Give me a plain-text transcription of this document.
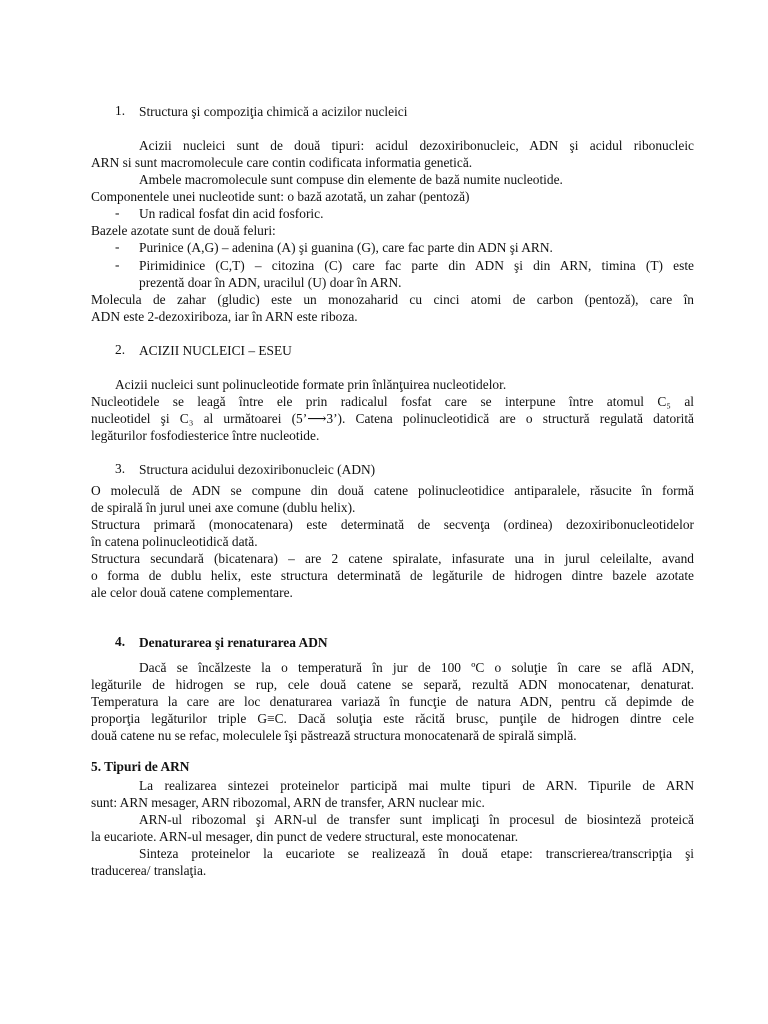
1. Structura şi compoziţia chimică a acizilor nucleici
Acizii nucleici sunt de două tipuri: acidul dezoxiribonucleic, ADN şi acidul ribonucleic
ARN si sunt macromolecule care contin codificata informatia genetică.
Ambele macromolecule sunt compuse din elemente de bază numite nucleotide.
Componentele unei nucleotide sunt: o bază azotată, un zahar (pentoză)
- Un radical fosfat din acid fosforic.
Bazele azotate sunt de două feluri:
- Purinice (A,G) – adenina (A) şi guanina (G), care fac parte din ADN şi ARN.
- Pirimidinice (C,T) – citozina (C) care fac parte din ADN şi din ARN, timina (T) este
prezentă doar în ADN, uracilul (U) doar în ARN.
Molecula de zahar (gludic) este un monozaharid cu cinci atomi de carbon (pentoză), care în
ADN este 2-dezoxiriboza, iar în ARN este riboza.
2. ACIZII NUCLEICI – ESEU
Acizii nucleici sunt polinucleotide formate prin înlănţuirea nucleotidelor.
Nucleotidele se leagă între ele prin radicalul fosfat care se interpune între atomul C₅ al
nucleotidel şi C₃ al următoarei (5’⟶3’). Catena polinucleotidică are o structură regulată datorită
legăturilor fosfodiesterice între nucleotide.
3. Structura acidului dezoxiribonucleic (ADN)
O moleculă de ADN se compune din două catene polinucleotidice antiparalele, răsucite în formă
de spirală în jurul unei axe comune (dublu helix).
Structura primară (monocatenara) este determinată de secvenţa (ordinea) dezoxiribonucleotidelor
în catena polinucleotidică dată.
Structura secundară (bicatenara) – are 2 catene spiralate, infasurate una in jurul celeilalte, avand
o forma de dublu helix, este structura determinată de legăturile de hidrogen dintre bazele azotate
ale celor două catene complementare.
4. Denaturarea şi renaturarea ADN
Dacă se încălzeste la o temperatură în jur de 100 ºC o soluţie în care se află ADN,
legăturile de hidrogen se rup, cele două catene se separă, rezultă ADN monocatenar, denaturat.
Temperatura la care are loc denaturarea variază în funcţie de natura ADN, pentru că depimde de
proporţia legăturilor triple G≡C. Dacă soluţia este răcită brusc, punţile de hidrogen dintre cele
două catene nu se refac, moleculele îşi păstrează structura monocatenară de spirală simplă.
5. Tipuri de ARN
La realizarea sintezei proteinelor participă mai multe tipuri de ARN. Tipurile de ARN
sunt: ARN mesager, ARN ribozomal, ARN de transfer, ARN nuclear mic.
ARN-ul ribozomal şi ARN-ul de transfer sunt implicaţi în procesul de biosinteză proteică
la eucariote. ARN-ul mesager, din punct de vedere structural, este monocatenar.
Sinteza proteinelor la eucariote se realizează în două etape: transcrierea/transcripţia şi
traducerea/ translaţia.
